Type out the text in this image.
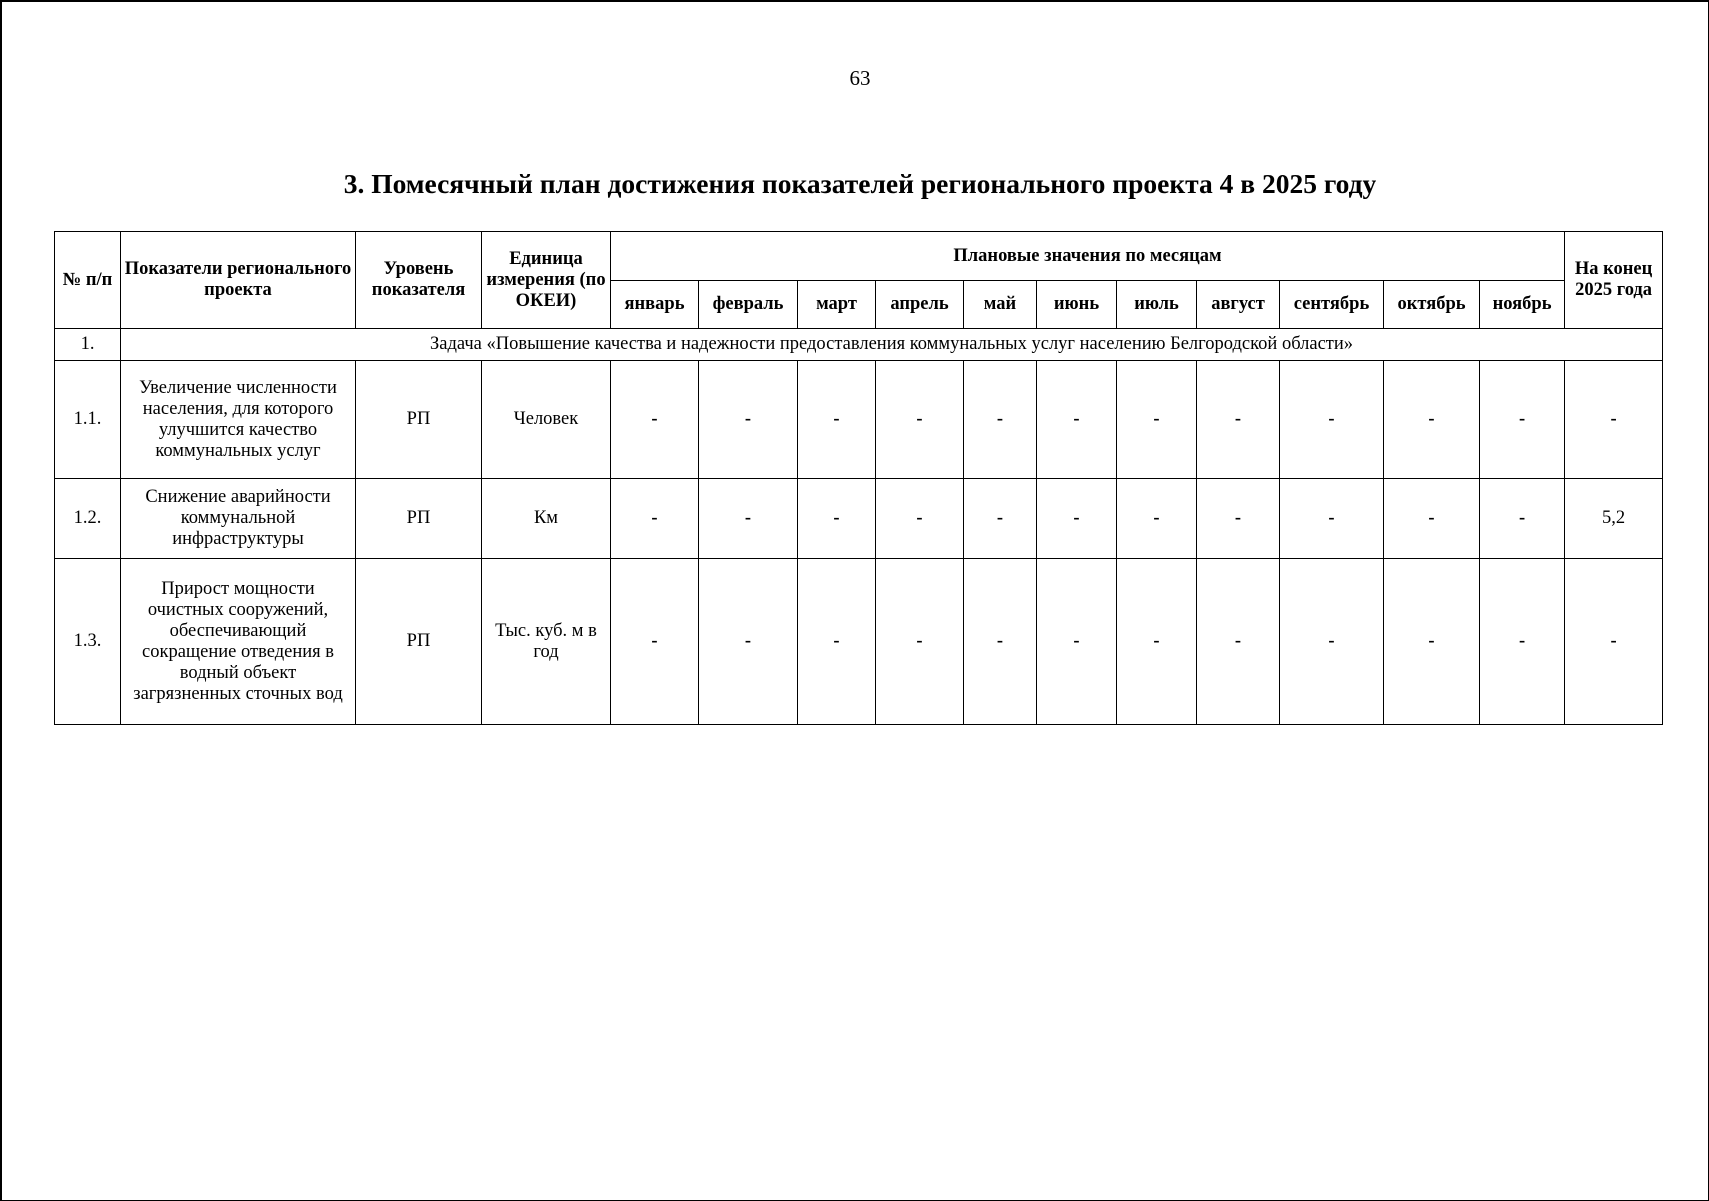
63
3. Помесячный план достижения показателей регионального проекта 4 в 2025 году
№ п/п	Показатели регионального проекта	Уровень показателя	Единица измерения (по ОКЕИ)	Плановые значения по месяцам											На конец 2025 года
				январь	февраль	март	апрель	май	июнь	июль	август	сентябрь	октябрь	ноябрь	
1.	Задача «Повышение качества и надежности предоставления коммунальных услуг населению Белгородской области»														
1.1.	Увеличение численности населения, для которого улучшится качество коммунальных услуг	РП	Человек	-	-	-	-	-	-	-	-	-	-	-	-
1.2.	Снижение аварийности коммунальной инфраструктуры	РП	Км	-	-	-	-	-	-	-	-	-	-	-	5,2
1.3.	Прирост мощности очистных сооружений, обеспечивающий сокращение отведения в водный объект загрязненных сточных вод	РП	Тыс. куб. м в год	-	-	-	-	-	-	-	-	-	-	-	-
